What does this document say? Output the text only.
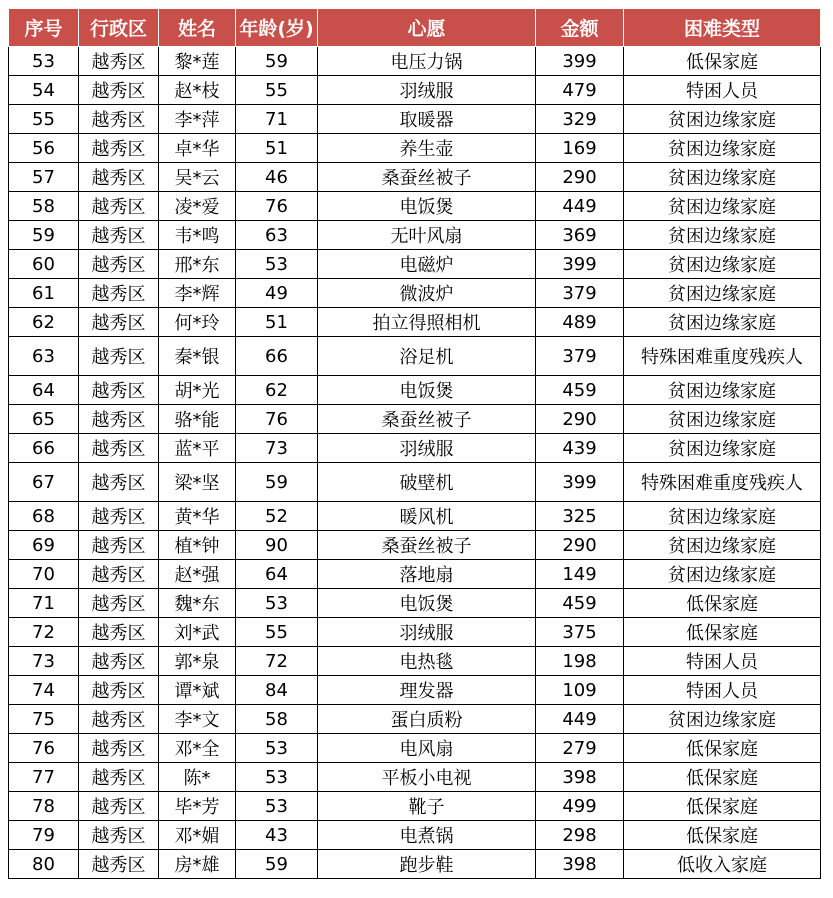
序号	行政区	姓名	年龄(岁)	心愿	金额	困难类型
53	越秀区	黎*莲	59	电压力锅	399	低保家庭
54	越秀区	赵*枝	55	羽绒服	479	特困人员
55	越秀区	李*萍	71	取暖器	329	贫困边缘家庭
56	越秀区	卓*华	51	养生壶	169	贫困边缘家庭
57	越秀区	吴*云	46	桑蚕丝被子	290	贫困边缘家庭
58	越秀区	凌*爱	76	电饭煲	449	贫困边缘家庭
59	越秀区	韦*鸣	63	无叶风扇	369	贫困边缘家庭
60	越秀区	邢*东	53	电磁炉	399	贫困边缘家庭
61	越秀区	李*辉	49	微波炉	379	贫困边缘家庭
62	越秀区	何*玲	51	拍立得照相机	489	贫困边缘家庭
63	越秀区	秦*银	66	浴足机	379	特殊困难重度残疾人
64	越秀区	胡*光	62	电饭煲	459	贫困边缘家庭
65	越秀区	骆*能	76	桑蚕丝被子	290	贫困边缘家庭
66	越秀区	蓝*平	73	羽绒服	439	贫困边缘家庭
67	越秀区	梁*坚	59	破壁机	399	特殊困难重度残疾人
68	越秀区	黄*华	52	暖风机	325	贫困边缘家庭
69	越秀区	植*钟	90	桑蚕丝被子	290	贫困边缘家庭
70	越秀区	赵*强	64	落地扇	149	贫困边缘家庭
71	越秀区	魏*东	53	电饭煲	459	低保家庭
72	越秀区	刘*武	55	羽绒服	375	低保家庭
73	越秀区	郭*泉	72	电热毯	198	特困人员
74	越秀区	谭*斌	84	理发器	109	特困人员
75	越秀区	李*文	58	蛋白质粉	449	贫困边缘家庭
76	越秀区	邓*全	53	电风扇	279	低保家庭
77	越秀区	陈*	53	平板小电视	398	低保家庭
78	越秀区	毕*芳	53	靴子	499	低保家庭
79	越秀区	邓*媚	43	电煮锅	298	低保家庭
80	越秀区	房*雄	59	跑步鞋	398	低收入家庭
